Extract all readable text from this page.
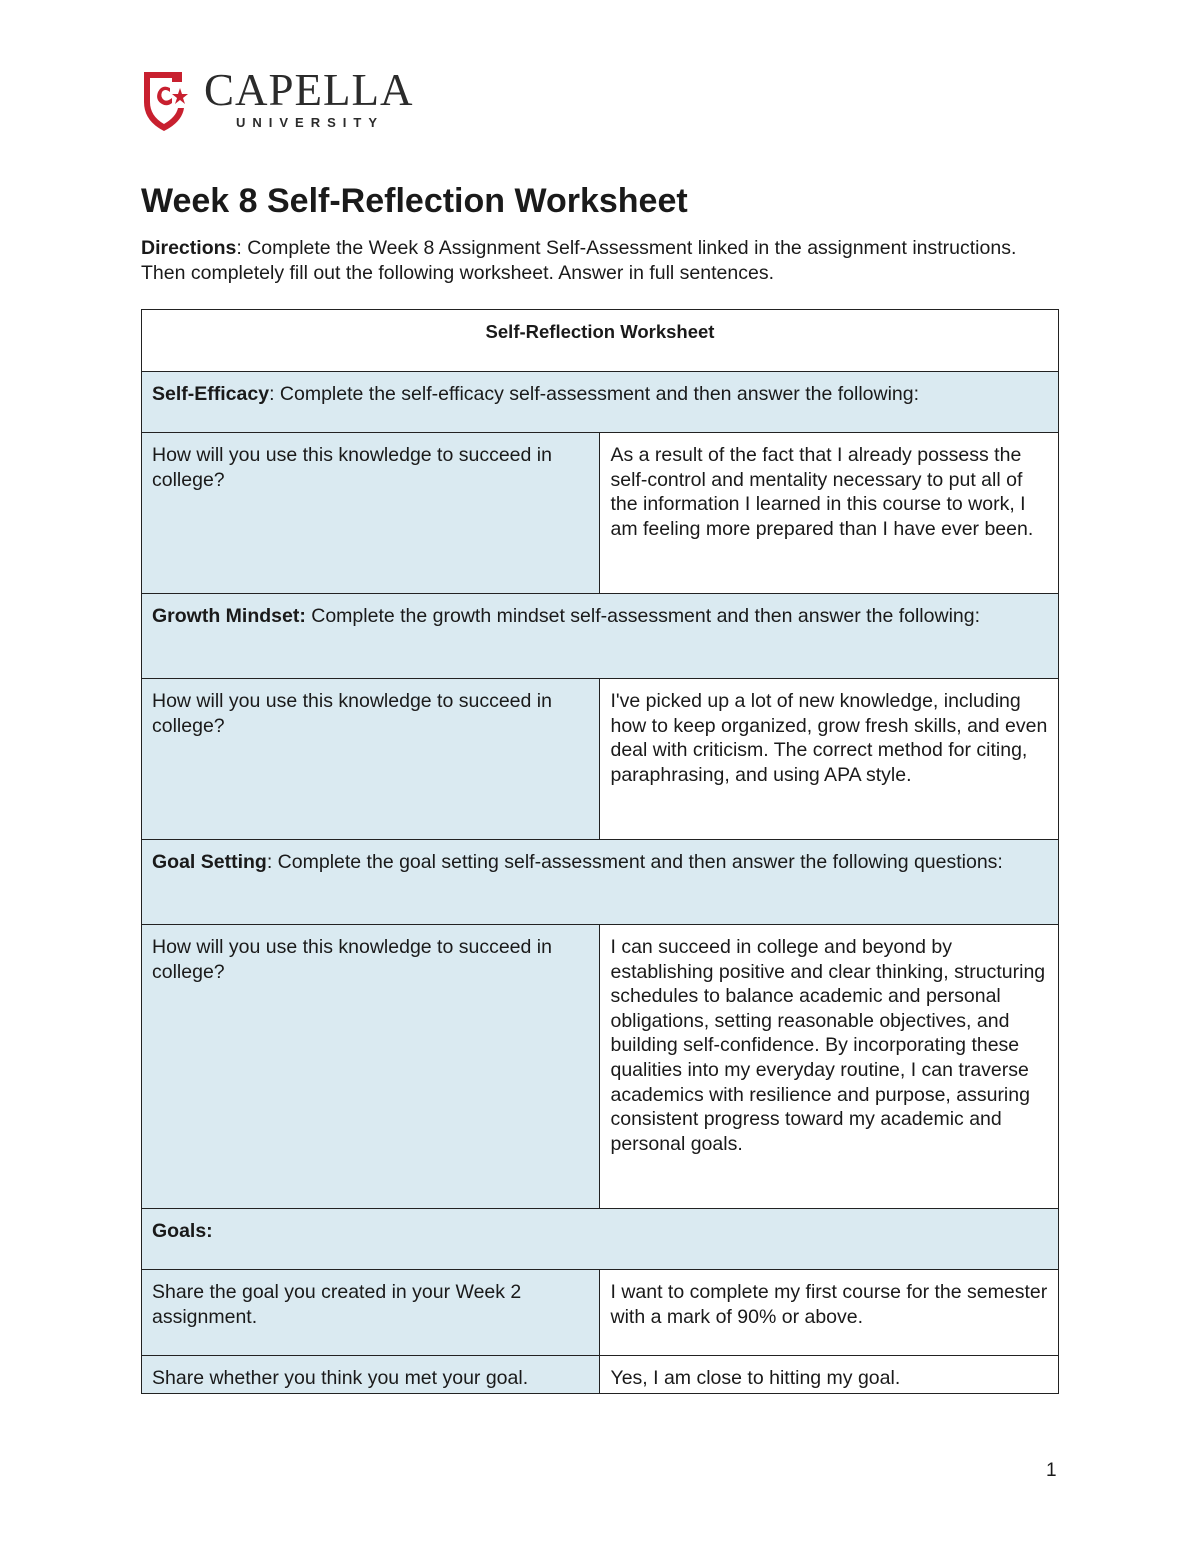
CAPELLA
UNIVERSITY
Week 8 Self-Reflection Worksheet
Directions: Complete the Week 8 Assignment Self-Assessment linked in the assignment instructions. Then completely fill out the following worksheet. Answer in full sentences.
Self-Reflection Worksheet	
Self-Efficacy: Complete the self-efficacy self-assessment and then answer the following:	
How will you use this knowledge to succeed in college?	As a result of the fact that I already possess the self-control and mentality necessary to put all of the information I learned in this course to work, I am feeling more prepared than I have ever been.
Growth Mindset: Complete the growth mindset self-assessment and then answer the following:	
How will you use this knowledge to succeed in college?	I've picked up a lot of new knowledge, including how to keep organized, grow fresh skills, and even deal with criticism. The correct method for citing, paraphrasing, and using APA style.
Goal Setting: Complete the goal setting self-assessment and then answer the following questions:	
How will you use this knowledge to succeed in college?	I can succeed in college and beyond by establishing positive and clear thinking, structuring schedules to balance academic and personal obligations, setting reasonable objectives, and building self-confidence. By incorporating these qualities into my everyday routine, I can traverse academics with resilience and purpose, assuring consistent progress toward my academic and personal goals.
Goals:	
Share the goal you created in your Week 2 assignment.	I want to complete my first course for the semester with a mark of 90% or above.
Share whether you think you met your goal.	Yes, I am close to hitting my goal.
1
